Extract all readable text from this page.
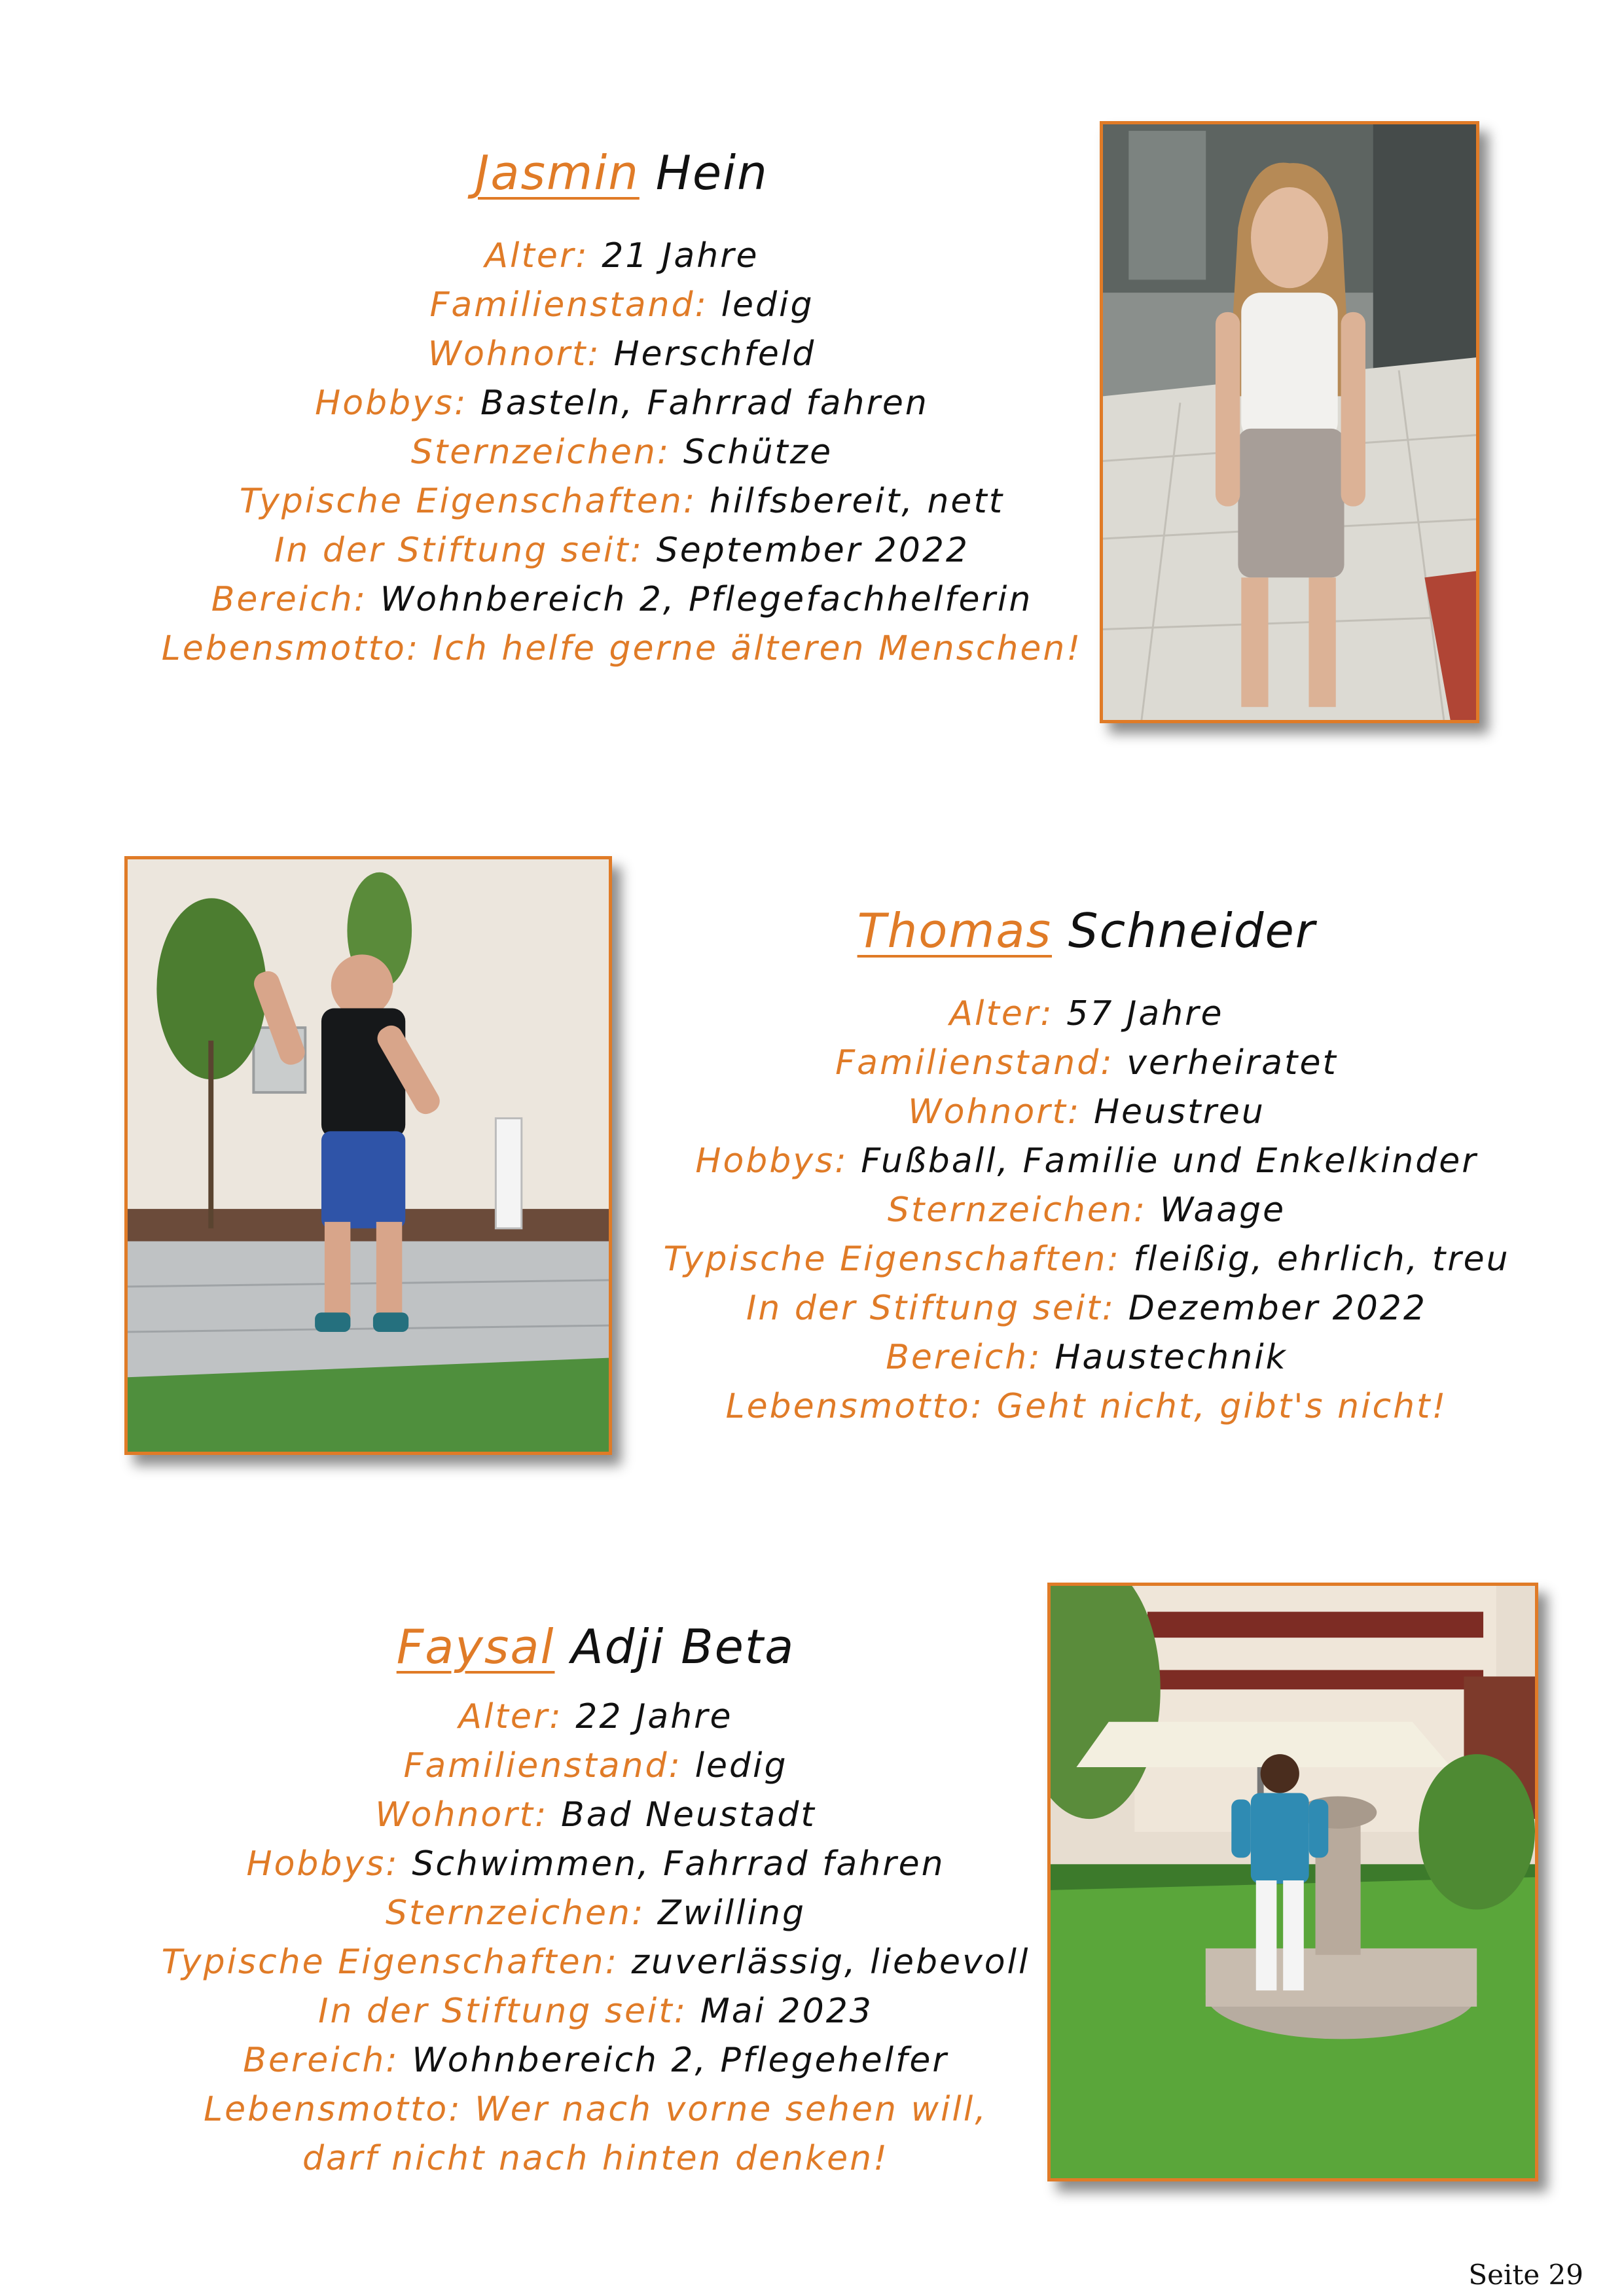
Jasmin Hein
Alter: 21 Jahre
Familienstand: ledig
Wohnort: Herschfeld
Hobbys: Basteln, Fahrrad fahren
Sternzeichen: Schütze
Typische Eigenschaften: hilfsbereit, nett
In der Stiftung seit: September 2022
Bereich: Wohnbereich 2, Pflegefachhelferin
Lebensmotto: Ich helfe gerne älteren Menschen!
Thomas Schneider
Alter: 57 Jahre
Familienstand: verheiratet
Wohnort: Heustreu
Hobbys: Fußball, Familie und Enkelkinder
Sternzeichen: Waage
Typische Eigenschaften: fleißig, ehrlich, treu
In der Stiftung seit: Dezember 2022
Bereich: Haustechnik
Lebensmotto: Geht nicht, gibt's nicht!
Faysal Adji Beta
Alter: 22 Jahre
Familienstand: ledig
Wohnort: Bad Neustadt
Hobbys: Schwimmen, Fahrrad fahren
Sternzeichen: Zwilling
Typische Eigenschaften: zuverlässig, liebevoll
In der Stiftung seit: Mai 2023
Bereich: Wohnbereich 2, Pflegehelfer
Lebensmotto: Wer nach vorne sehen will,
darf nicht nach hinten denken!
Seite 29
